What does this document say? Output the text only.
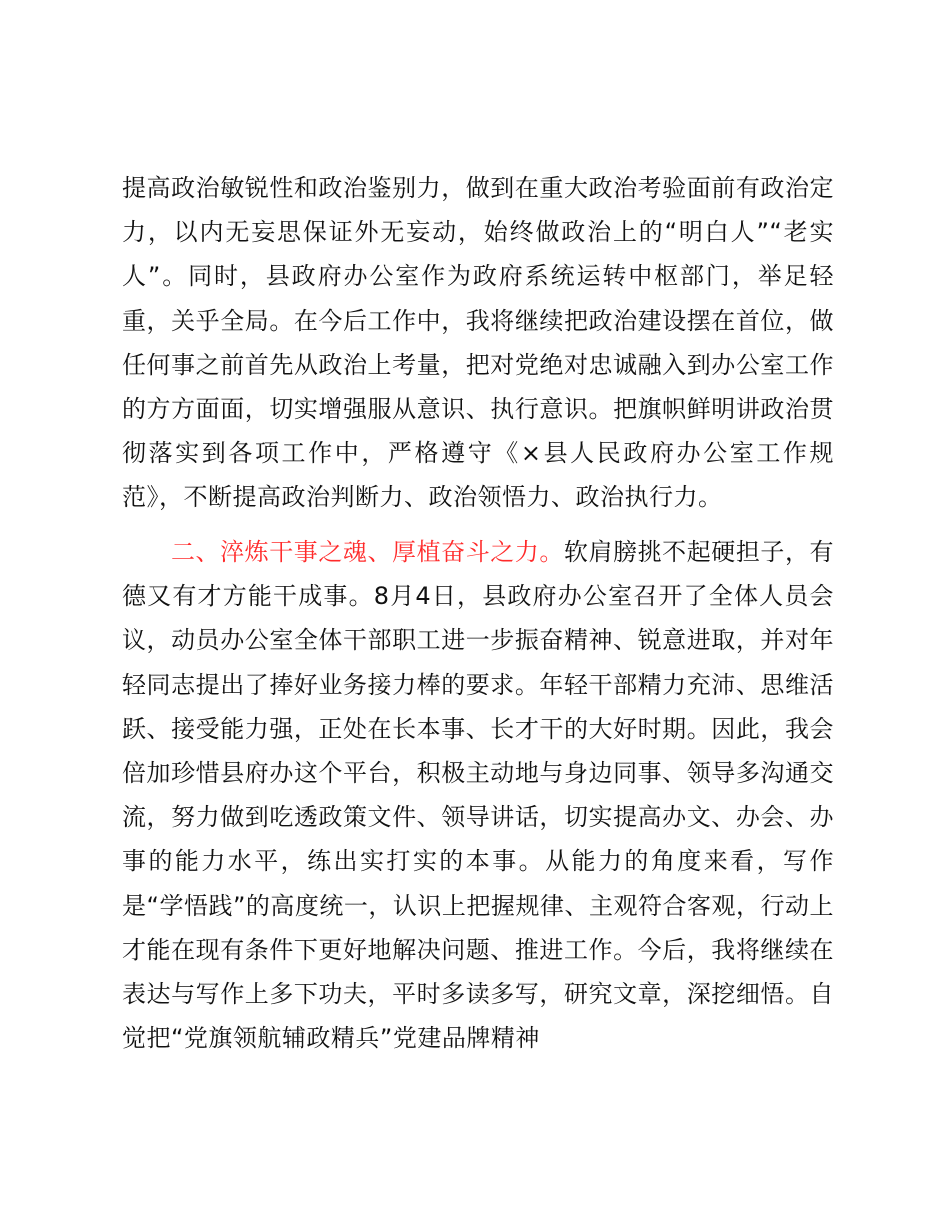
提高政治敏锐性和政治鉴别力，做到在重大政治考验面前有政治定力，以内无妄思保证外无妄动，始终做政治上的“明白人”“老实人”。同时，县政府办公室作为政府系统运转中枢部门，举足轻重，关乎全局。在今后工作中，我将继续把政治建设摆在首位，做任何事之前首先从政治上考量，把对党绝对忠诚融入到办公室工作的方方面面，切实增强服从意识、执行意识。把旗帜鲜明讲政治贯彻落实到各项工作中，严格遵守《×县人民政府办公室工作规范》，不断提高政治判断力、政治领悟力、政治执行力。

二、淬炼干事之魂、厚植奋斗之力。软肩膀挑不起硬担子，有德又有才方能干成事。8月4日，县政府办公室召开了全体人员会议，动员办公室全体干部职工进一步振奋精神、锐意进取，并对年轻同志提出了捧好业务接力棒的要求。年轻干部精力充沛、思维活跃、接受能力强，正处在长本事、长才干的大好时期。因此，我会倍加珍惜县府办这个平台，积极主动地与身边同事、领导多沟通交流，努力做到吃透政策文件、领导讲话，切实提高办文、办会、办事的能力水平，练出实打实的本事。从能力的角度来看，写作是“学悟践”的高度统一，认识上把握规律、主观符合客观，行动上才能在现有条件下更好地解决问题、推进工作。今后，我将继续在表达与写作上多下功夫，平时多读多写，研究文章，深挖细悟。自觉把“党旗领航辅政精兵”党建品牌精神
